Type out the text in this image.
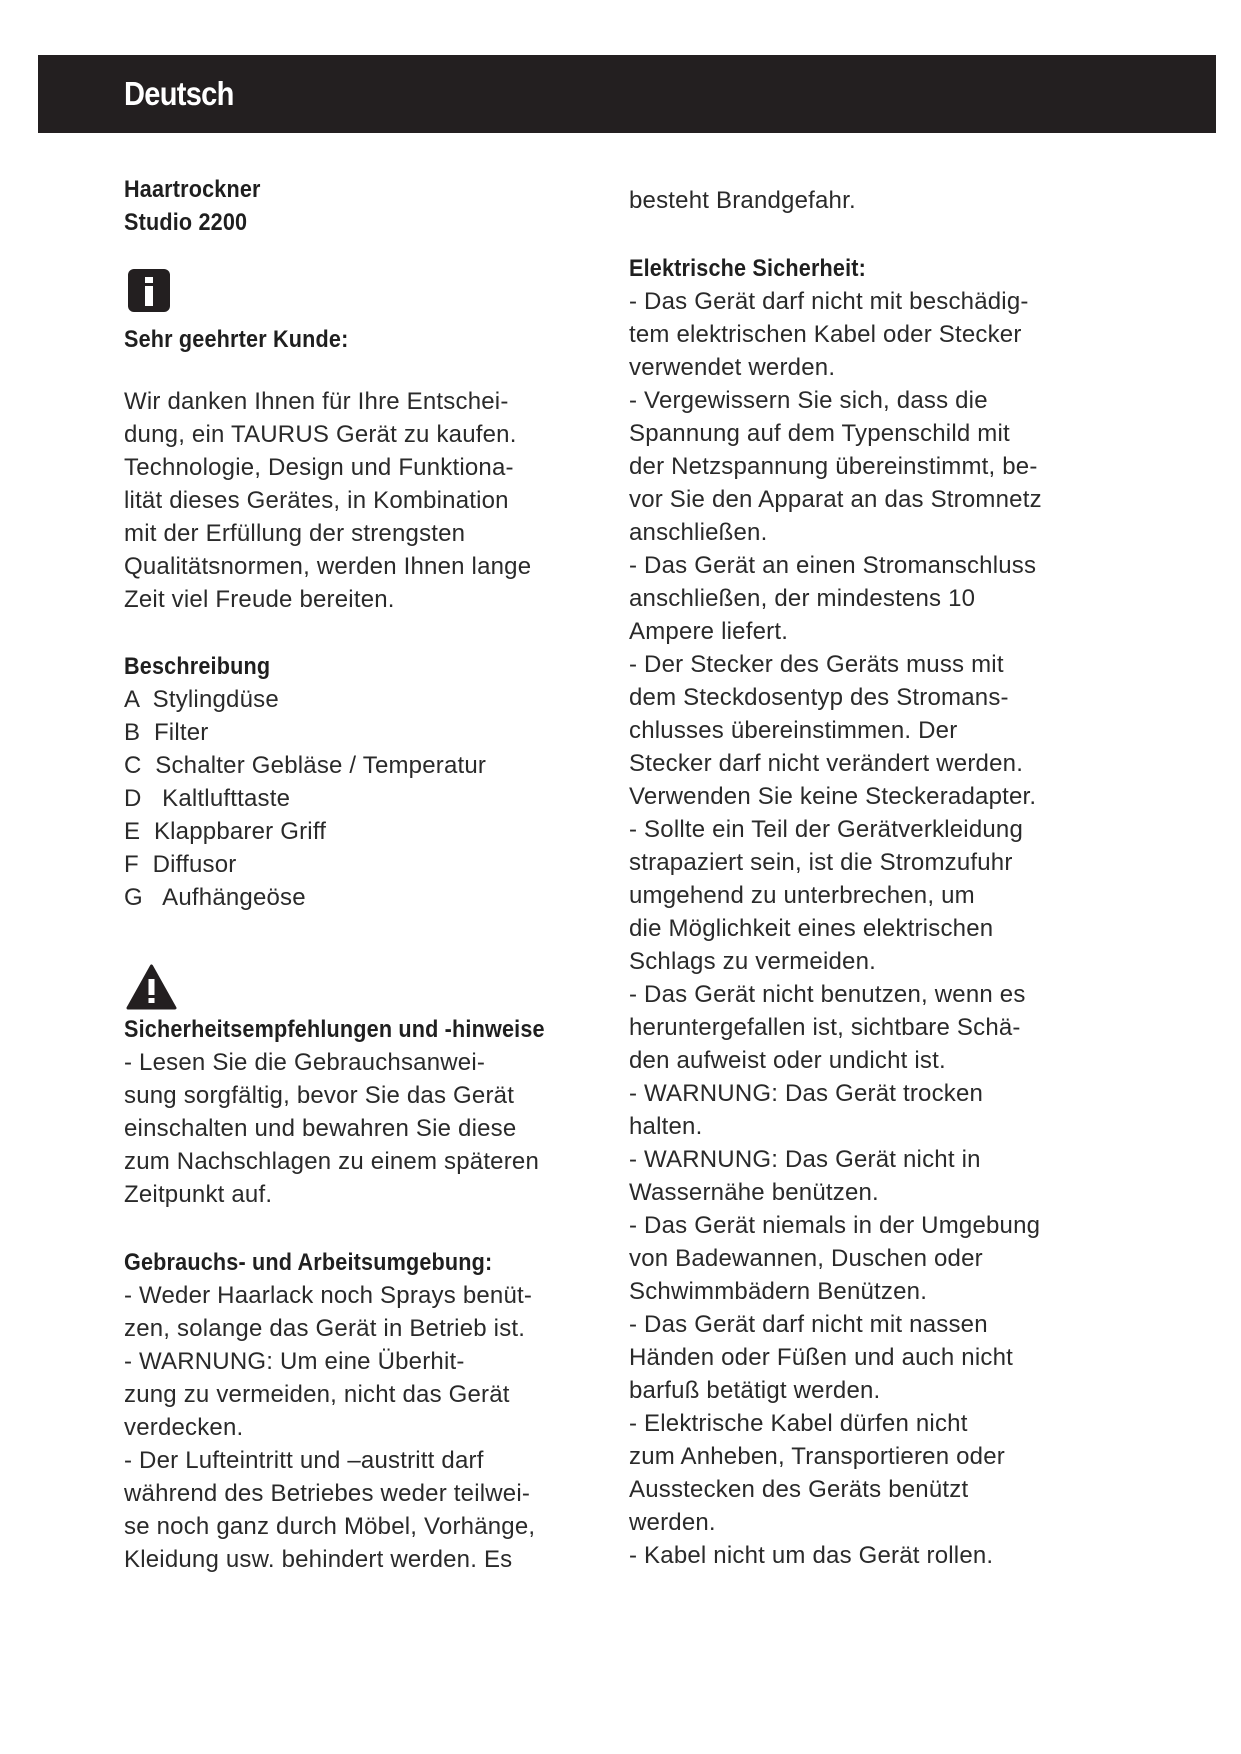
Deutsch
Haartrockner
Studio 2200
Sehr geehrter Kunde:
Wir danken Ihnen für Ihre Entschei-
dung, ein TAURUS Gerät zu kaufen.
Technologie, Design und Funktiona-
lität dieses Gerätes, in Kombination
mit der Erfüllung der strengsten
Qualitätsnormen, werden Ihnen lange
Zeit viel Freude bereiten.
Beschreibung
A  Stylingdüse
B  Filter
C  Schalter Gebläse / Temperatur
D   Kaltlufttaste
E  Klappbarer Griff
F  Diffusor
G   Aufhängeöse
Sicherheitsempfehlungen und -hinweise
- Lesen Sie die Gebrauchsanwei-
sung sorgfältig, bevor Sie das Gerät
einschalten und bewahren Sie diese
zum Nachschlagen zu einem späteren
Zeitpunkt auf.
Gebrauchs- und Arbeitsumgebung:
- Weder Haarlack noch Sprays benüt-
zen, solange das Gerät in Betrieb ist.
- WARNUNG: Um eine Überhit-
zung zu vermeiden, nicht das Gerät
verdecken.
- Der Lufteintritt und –austritt darf
während des Betriebes weder teilwei-
se noch ganz durch Möbel, Vorhänge,
Kleidung usw. behindert werden. Es
besteht Brandgefahr.
Elektrische Sicherheit:
- Das Gerät darf nicht mit beschädig-
tem elektrischen Kabel oder Stecker
verwendet werden.
- Vergewissern Sie sich, dass die
Spannung auf dem Typenschild mit
der Netzspannung übereinstimmt, be-
vor Sie den Apparat an das Stromnetz
anschließen.
- Das Gerät an einen Stromanschluss
anschließen, der mindestens 10
Ampere liefert.
- Der Stecker des Geräts muss mit
dem Steckdosentyp des Stromans-
chlusses übereinstimmen. Der
Stecker darf nicht verändert werden.
Verwenden Sie keine Steckeradapter.
- Sollte ein Teil der Gerätverkleidung
strapaziert sein, ist die Stromzufuhr
umgehend zu unterbrechen, um
die Möglichkeit eines elektrischen
Schlags zu vermeiden.
- Das Gerät nicht benutzen, wenn es
heruntergefallen ist, sichtbare Schä-
den aufweist oder undicht ist.
- WARNUNG: Das Gerät trocken
halten.
- WARNUNG: Das Gerät nicht in
Wassernähe benützen.
- Das Gerät niemals in der Umgebung
von Badewannen, Duschen oder
Schwimmbädern Benützen.
- Das Gerät darf nicht mit nassen
Händen oder Füßen und auch nicht
barfuß betätigt werden.
- Elektrische Kabel dürfen nicht
zum Anheben, Transportieren oder
Ausstecken des Geräts benützt
werden.
- Kabel nicht um das Gerät rollen.
